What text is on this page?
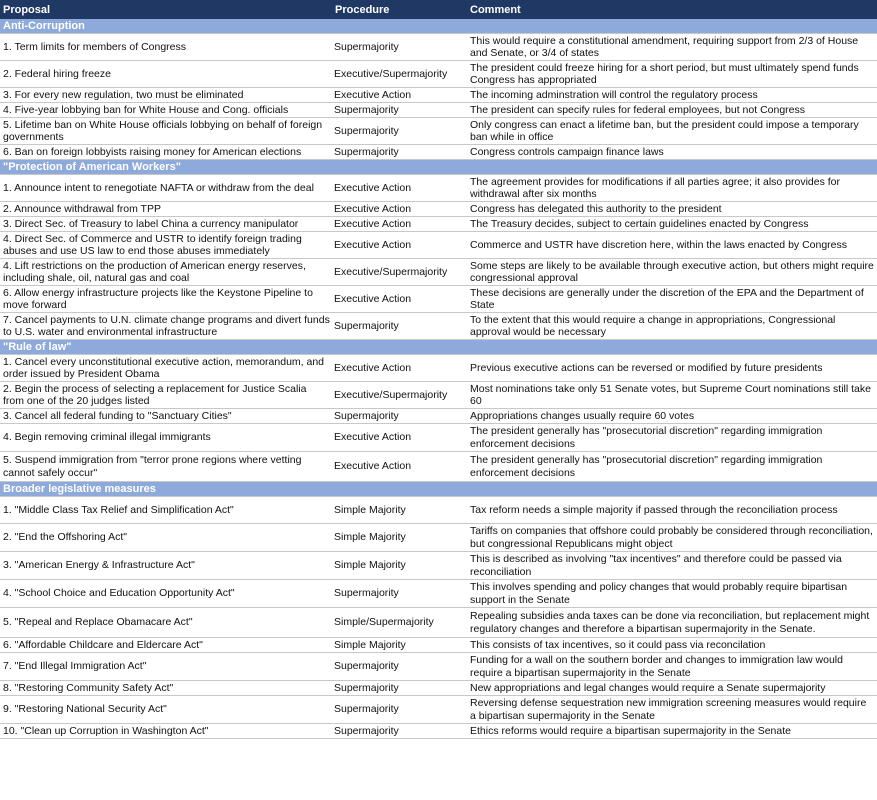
Proposal	Procedure	Comment
Anti-Corruption		
1. Term limits for members of Congress	Supermajority	This would require a constitutional amendment, requiring support from 2/3 of House and Senate, or 3/4 of states
2. Federal hiring freeze	Executive/Supermajority	The president could freeze hiring for a short period, but must ultimately spend funds Congress has appropriated
3. For every new regulation, two must be eliminated	Executive Action	The incoming adminstration will control the regulatory process
4. Five-year lobbying ban for White House and Cong. officials	Supermajority	The president can specify rules for federal employees, but not Congress
5. Lifetime ban on White House officials lobbying on behalf of foreign governments	Supermajority	Only congress can enact a lifetime ban, but the president could impose a temporary ban while in office
6. Ban on foreign lobbyists raising money for American elections	Supermajority	Congress controls campaign finance laws
"Protection of American Workers"		
1. Announce intent to renegotiate NAFTA or withdraw from the deal	Executive Action	The agreement provides for modifications if all parties agree; it also provides for withdrawal after six months
2. Announce withdrawal from TPP	Executive Action	Congress has delegated this authority to the president
3. Direct Sec. of Treasury to label China a currency manipulator	Executive Action	The Treasury decides, subject to certain guidelines enacted by Congress
4. Direct Sec. of Commerce and USTR to identify foreign trading abuses and use US law to end those abuses immediately	Executive Action	Commerce and USTR have discretion here, within the laws enacted by Congress
4. Lift restrictions on the production of American energy reserves, including shale, oil, natural gas and coal	Executive/Supermajority	Some steps are likely to be available through executive action, but others might require congressional approval
6. Allow energy infrastructure projects like the Keystone Pipeline to move forward	Executive Action	These decisions are generally under the discretion of the EPA and the Department of State
7. Cancel payments to U.N. climate change programs and divert funds to U.S. water and environmental infrastructure	Supermajority	To the extent that this would require a change in appropriations, Congressional approval would be necessary
"Rule of law"		
1. Cancel every unconstitutional executive action, memorandum, and order issued by President Obama	Executive Action	Previous executive actions can be reversed or modified by future presidents
2. Begin the process of selecting a replacement for Justice Scalia from one of the 20 judges listed	Executive/Supermajority	Most nominations take only 51 Senate votes, but Supreme Court nominations still take 60
3. Cancel all federal funding to "Sanctuary Cities"	Supermajority	Appropriations changes usually require 60 votes
4. Begin removing criminal illegal immigrants	Executive Action	The president generally has "prosecutorial discretion" regarding immigration enforcement decisions
5. Suspend immigration from "terror prone regions where vetting cannot safely occur"	Executive Action	The president generally has "prosecutorial discretion" regarding immigration enforcement decisions
Broader legislative measures		
1. "Middle Class Tax Relief and Simplification Act"	Simple Majority	Tax reform needs a simple majority if passed through the reconciliation process
2. "End the Offshoring Act"	Simple Majority	Tariffs on companies that offshore could probably be considered through reconciliation, but congressional Republicans might object
3. "American Energy & Infrastructure Act"	Simple Majority	This is described as involving "tax incentives" and therefore could be passed via reconciliation
4. "School Choice and Education Opportunity Act"	Supermajority	This involves spending and policy changes that would probably require bipartisan support in the Senate
5. "Repeal and Replace Obamacare Act"	Simple/Supermajority	Repealing subsidies anda taxes can be done via reconciliation, but replacement might regulatory changes and therefore a bipartisan supermajority in the Senate.
6. "Affordable Childcare and Eldercare Act"	Simple Majority	This consists of tax incentives, so it could pass via reconcilation
7. "End Illegal Immigration Act"	Supermajority	Funding for a wall on the southern border and changes to immigration law would require a bipartisan supermajority in the Senate
8. "Restoring Community Safety Act"	Supermajority	New appropriations and legal changes would require a Senate supermajority
9. "Restoring National Security Act"	Supermajority	Reversing defense sequestration new immigration screening measures would require a bipartisan supermajority in the Senate
10. "Clean up Corruption in Washington Act"	Supermajority	Ethics reforms would require a bipartisan supermajority in the Senate
